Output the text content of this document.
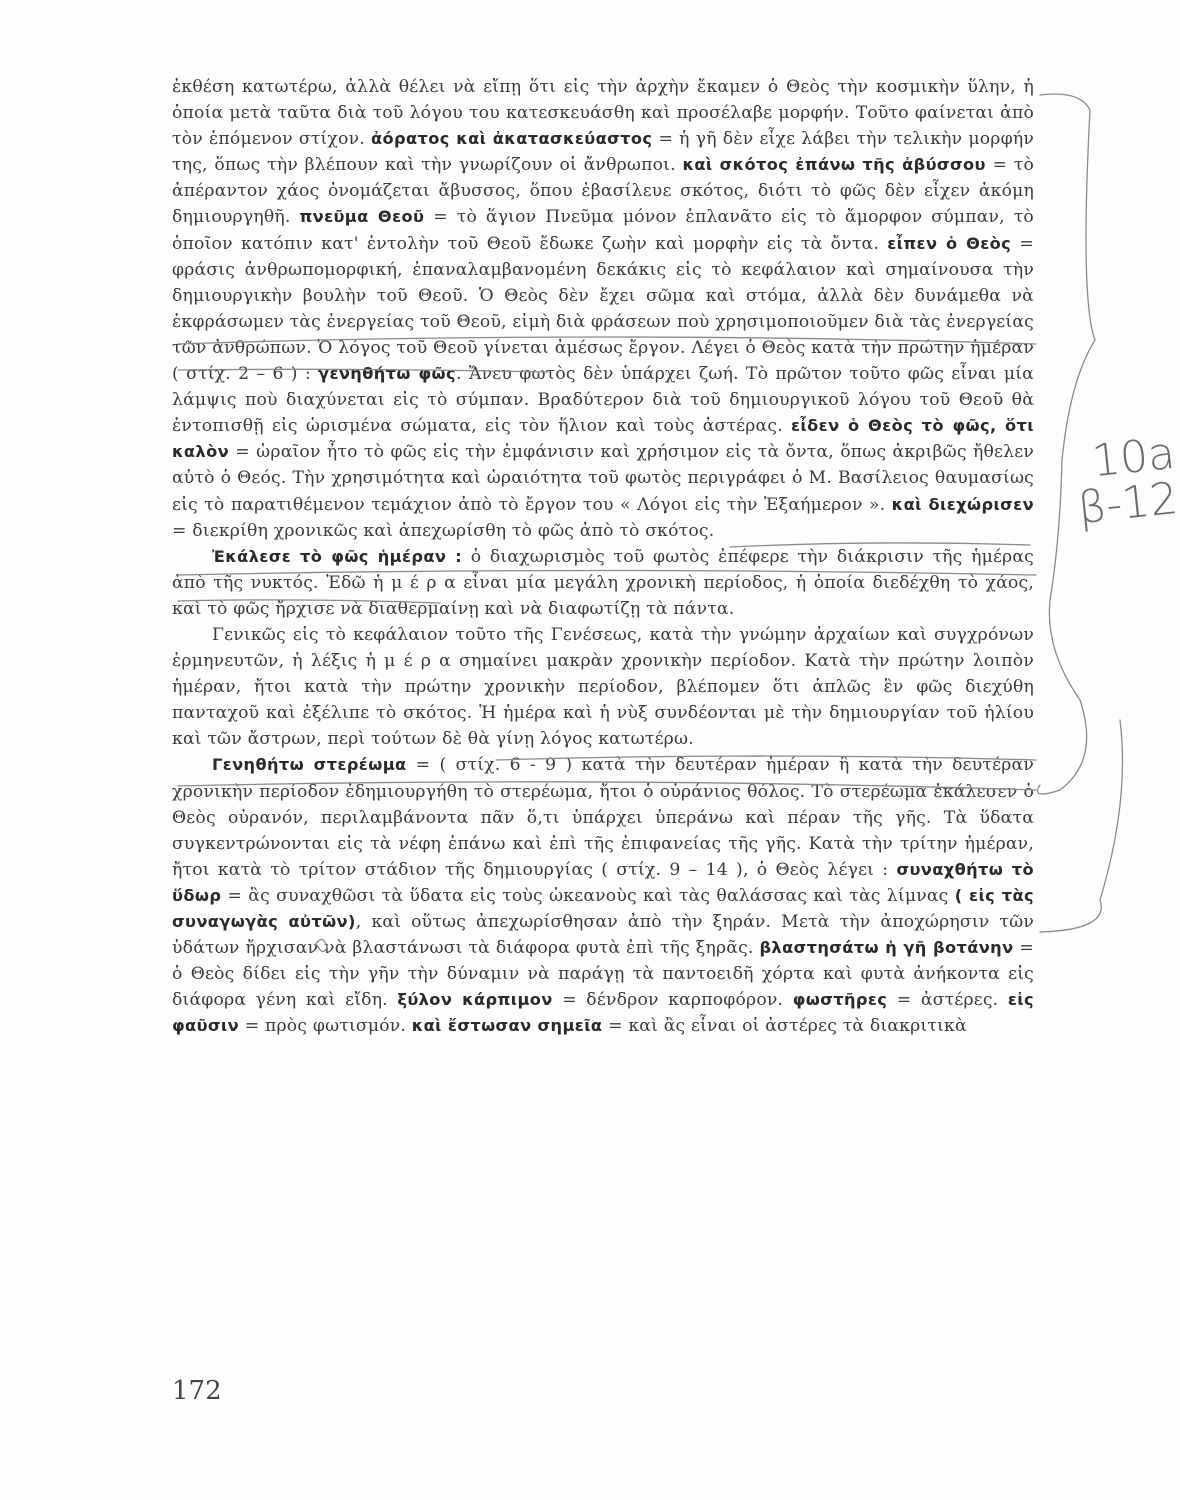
ἐκθέση κατωτέρω, ἀλλὰ θέλει νὰ εἴπῃ ὅτι εἰς τὴν ἀρχὴν ἔκαμεν ὁ Θεὸς τὴν κοσμικὴν ὕλην, ἡ ὁποία μετὰ ταῦτα διὰ τοῦ λόγου του κατεσκευάσθη καὶ προσέλαβε μορφήν. Τοῦτο φαίνεται ἀπὸ τὸν ἑπόμενον στίχον. ἀόρατος καὶ ἀκατασκεύαστος = ἡ γῆ δὲν εἶχε λάβει τὴν τελικὴν μορφήν της, ὅπως τὴν βλέπουν καὶ τὴν γνωρίζουν οἱ ἄνθρωποι. καὶ σκότος ἐπάνω τῆς ἀβύσσου = τὸ ἀπέραντον χάος ὀνομάζεται ἄβυσσος, ὅπου ἐβασίλευε σκότος, διότι τὸ φῶς δὲν εἶχεν ἀκόμη δημιουργηθῆ. πνεῦμα Θεοῦ = τὸ ἅγιον Πνεῦμα μόνον ἐπλανᾶτο εἰς τὸ ἄμορφον σύμπαν, τὸ ὁποῖον κατόπιν κατ' ἐντολὴν τοῦ Θεοῦ ἔδωκε ζωὴν καὶ μορφὴν εἰς τὰ ὄντα. εἶπεν ὁ Θεὸς = φράσις ἀνθρωπομορφική, ἐπαναλαμβανομένη δεκάκις εἰς τὸ κεφάλαιον καὶ σημαίνουσα τὴν δημιουργικὴν βουλὴν τοῦ Θεοῦ. Ὁ Θεὸς δὲν ἔχει σῶμα καὶ στόμα, ἀλλὰ δὲν δυνάμεθα νὰ ἐκφράσωμεν τὰς ἐνεργείας τοῦ Θεοῦ, εἰμὴ διὰ φράσεων ποὺ χρησιμοποιοῦμεν διὰ τὰς ἐνεργείας τῶν ἀνθρώπων. Ὁ λόγος τοῦ Θεοῦ γίνεται ἀμέσως ἔργον. Λέγει ὁ Θεὸς κατὰ τὴν πρώτην ἡμέραν ( στίχ. 2 – 6 ) : γενηθήτω φῶς. Ἄνευ φωτὸς δὲν ὑπάρχει ζωή. Τὸ πρῶτον τοῦτο φῶς εἶναι μία λάμψις ποὺ διαχύνεται εἰς τὸ σύμπαν. Βραδύτερον διὰ τοῦ δημιουργικοῦ λόγου τοῦ Θεοῦ θὰ ἐντοπισθῇ εἰς ὡρισμένα σώματα, εἰς τὸν ἥλιον καὶ τοὺς ἀστέρας. εἶδεν ὁ Θεὸς τὸ φῶς, ὅτι καλὸν = ὡραῖον ἦτο τὸ φῶς εἰς τὴν ἐμφάνισιν καὶ χρήσιμον εἰς τὰ ὄντα, ὅπως ἀκριβῶς ἤθελεν αὐτὸ ὁ Θεός. Τὴν χρησιμότητα καὶ ὡραιότητα τοῦ φωτὸς περιγράφει ὁ Μ. Βασίλειος θαυμασίως εἰς τὸ παρατιθέμενον τεμάχιον ἀπὸ τὸ ἔργον του « Λόγοι εἰς τὴν Ἑξαήμερον ». καὶ διεχώρισεν = διεκρίθη χρονικῶς καὶ ἀπεχωρίσθη τὸ φῶς ἀπὸ τὸ σκότος.

Ἐκάλεσε τὸ φῶς ἡμέραν : ὁ διαχωρισμὸς τοῦ φωτὸς ἐπέφερε τὴν διάκρισιν τῆς ἡμέρας ἀπὸ τῆς νυκτός. Ἐδῶ ἡ μ έ ρ α εἶναι μία μεγάλη χρονικὴ περίοδος, ἡ ὁποία διεδέχθη τὸ χάος, καὶ τὸ φῶς ἤρχισε νὰ διαθερμαίνῃ καὶ νὰ διαφωτίζῃ τὰ πάντα.

Γενικῶς εἰς τὸ κεφάλαιον τοῦτο τῆς Γενέσεως, κατὰ τὴν γνώμην ἀρχαίων καὶ συγχρόνων ἑρμηνευτῶν, ἡ λέξις ἡ μ έ ρ α σημαίνει μακρὰν χρονικὴν περίοδον. Κατὰ τὴν πρώτην λοιπὸν ἡμέραν, ἤτοι κατὰ τὴν πρώτην χρονικὴν περίοδον, βλέπομεν ὅτι ἁπλῶς ἓν φῶς διεχύθη πανταχοῦ καὶ ἐξέλιπε τὸ σκότος. Ἡ ἡμέρα καὶ ἡ νὺξ συνδέονται μὲ τὴν δημιουργίαν τοῦ ἡλίου καὶ τῶν ἄστρων, περὶ τούτων δὲ θὰ γίνῃ λόγος κατωτέρω.

Γενηθήτω στερέωμα = ( στίχ. 6 - 9 ) κατὰ τὴν δευτέραν ἡμέραν ἢ κατὰ τὴν δευτέραν χρονικὴν περίοδον ἐδημιουργήθη τὸ στερέωμα, ἤτοι ὁ οὐράνιος θόλος. Τὸ στερέωμα ἐκάλεσεν ὁ Θεὸς οὐρανόν, περιλαμβάνοντα πᾶν ὅ,τι ὑπάρχει ὑπεράνω καὶ πέραν τῆς γῆς. Τὰ ὕδατα συγκεντρώνονται εἰς τὰ νέφη ἐπάνω καὶ ἐπὶ τῆς ἐπιφανείας τῆς γῆς. Κατὰ τὴν τρίτην ἡμέραν, ἤτοι κατὰ τὸ τρίτον στάδιον τῆς δημιουργίας ( στίχ. 9 – 14 ), ὁ Θεὸς λέγει : συναχθήτω τὸ ὕδωρ = ἂς συναχθῶσι τὰ ὕδατα εἰς τοὺς ὠκεανοὺς καὶ τὰς θαλάσσας καὶ τὰς λίμνας ( εἰς τὰς συναγωγὰς αὐτῶν), καὶ οὕτως ἀπεχωρίσθησαν ἀπὸ τὴν ξηράν. Μετὰ τὴν ἀποχώρησιν τῶν ὑδάτων ἤρχισαν νὰ βλαστάνωσι τὰ διάφορα φυτὰ ἐπὶ τῆς ξηρᾶς. βλαστησάτω ἡ γῆ βοτάνην = ὁ Θεὸς δίδει εἰς τὴν γῆν τὴν δύναμιν νὰ παράγῃ τὰ παντοειδῆ χόρτα καὶ φυτὰ ἀνήκοντα εἰς διάφορα γένη καὶ εἴδη. ξύλον κάρπιμον = δένδρον καρποφόρον. φωστῆρες = ἀστέρες. εἰς φαῦσιν = πρὸς φωτισμόν. καὶ ἔστωσαν σημεῖα = καὶ ἂς εἶναι οἱ ἀστέρες τὰ διακριτικὰ

172
10a
β-12
